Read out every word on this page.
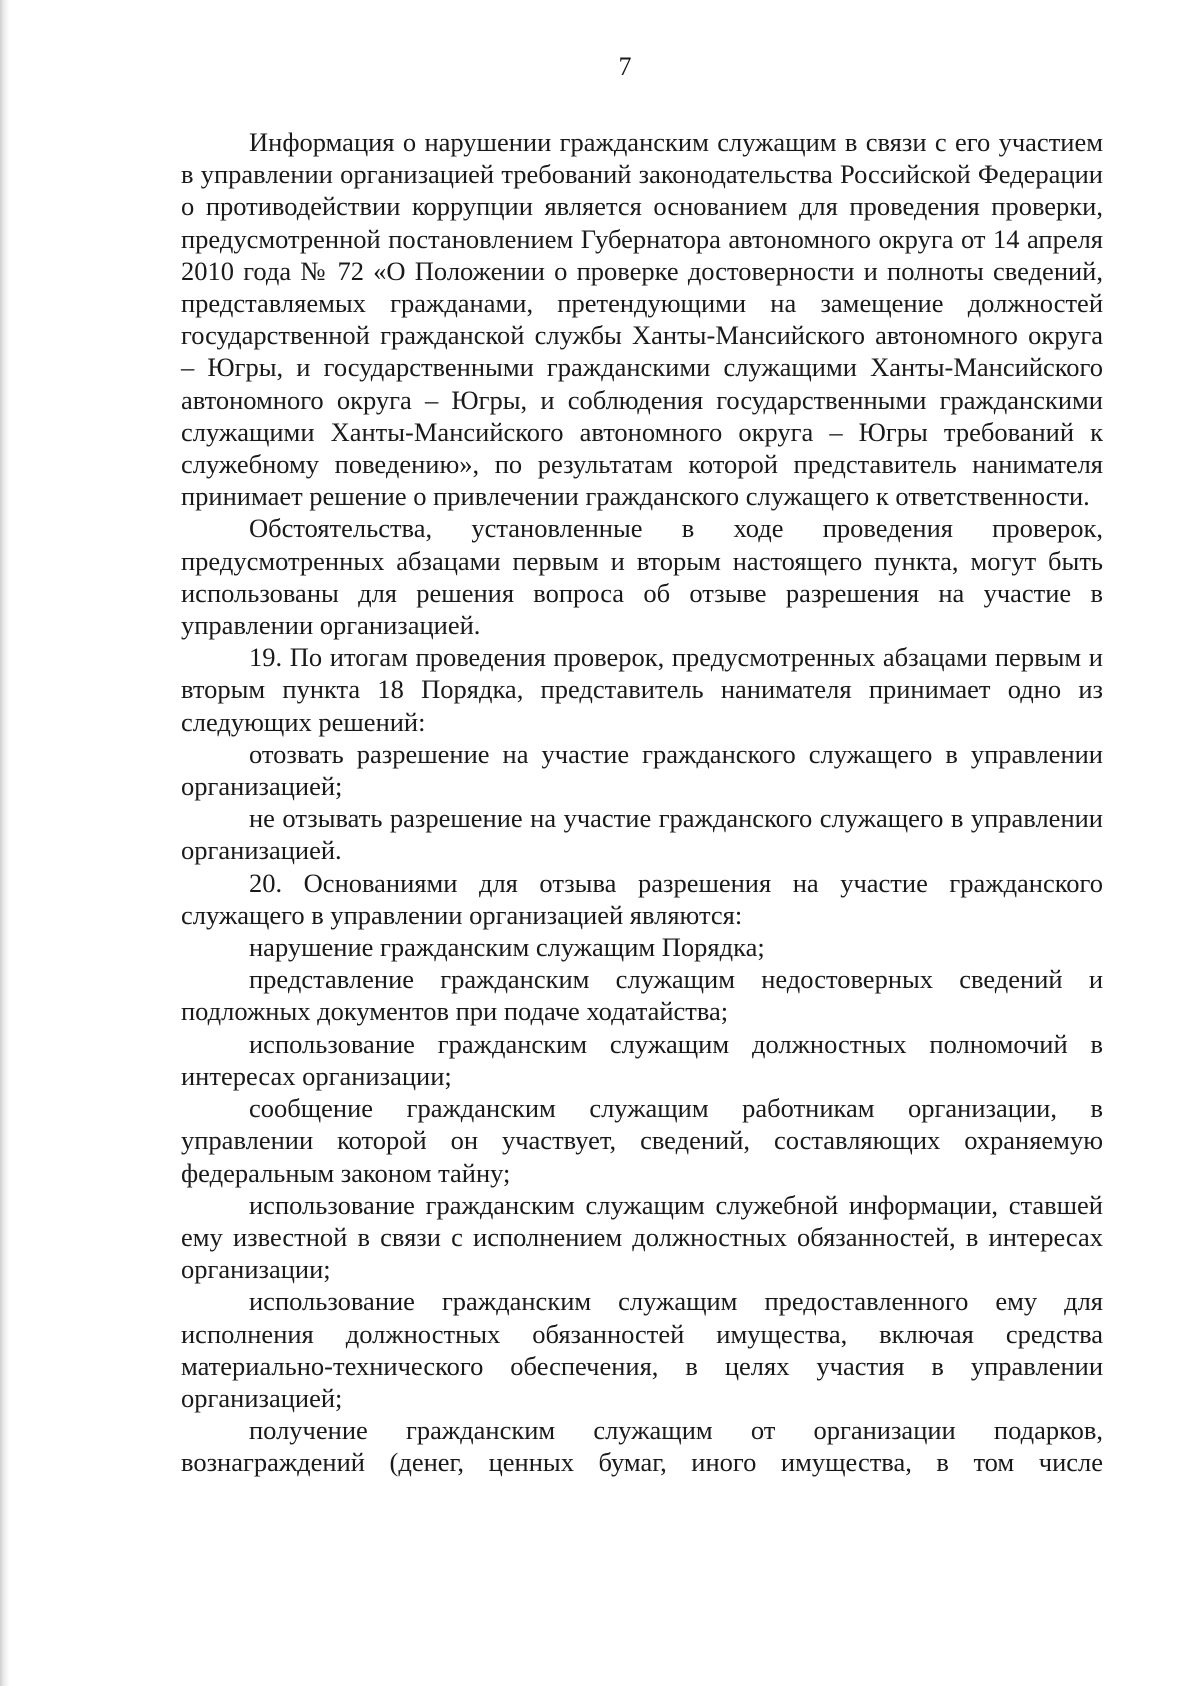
7

Информация о нарушении гражданским служащим в связи с его участием в управлении организацией требований законодательства Российской Федерации о противодействии коррупции является основанием для проведения проверки, предусмотренной постановлением Губернатора автономного округа от 14 апреля 2010 года № 72 «О Положении о проверке достоверности и полноты сведений, представляемых гражданами, претендующими на замещение должностей государственной гражданской службы Ханты-Мансийского автономного округа – Югры, и государственными гражданскими служащими Ханты-Мансийского автономного округа – Югры, и соблюдения государственными гражданскими служащими Ханты-Мансийского автономного округа – Югры требований к служебному поведению», по результатам которой представитель нанимателя принимает решение о привлечении гражданского служащего к ответственности.

Обстоятельства, установленные в ходе проведения проверок, предусмотренных абзацами первым и вторым настоящего пункта, могут быть использованы для решения вопроса об отзыве разрешения на участие в управлении организацией.

19. По итогам проведения проверок, предусмотренных абзацами первым и вторым пункта 18 Порядка, представитель нанимателя принимает одно из следующих решений:

отозвать разрешение на участие гражданского служащего в управлении организацией;

не отзывать разрешение на участие гражданского служащего в управлении организацией.

20. Основаниями для отзыва разрешения на участие гражданского служащего в управлении организацией являются:

нарушение гражданским служащим Порядка;

представление гражданским служащим недостоверных сведений и подложных документов при подаче ходатайства;

использование гражданским служащим должностных полномочий в интересах организации;

сообщение гражданским служащим работникам организации, в управлении которой он участвует, сведений, составляющих охраняемую федеральным законом тайну;

использование гражданским служащим служебной информации, ставшей ему известной в связи с исполнением должностных обязанностей, в интересах организации;

использование гражданским служащим предоставленного ему для исполнения должностных обязанностей имущества, включая средства материально-технического обеспечения, в целях участия в управлении организацией;

получение гражданским служащим от организации подарков, вознаграждений (денег, ценных бумаг, иного имущества, в том числе
